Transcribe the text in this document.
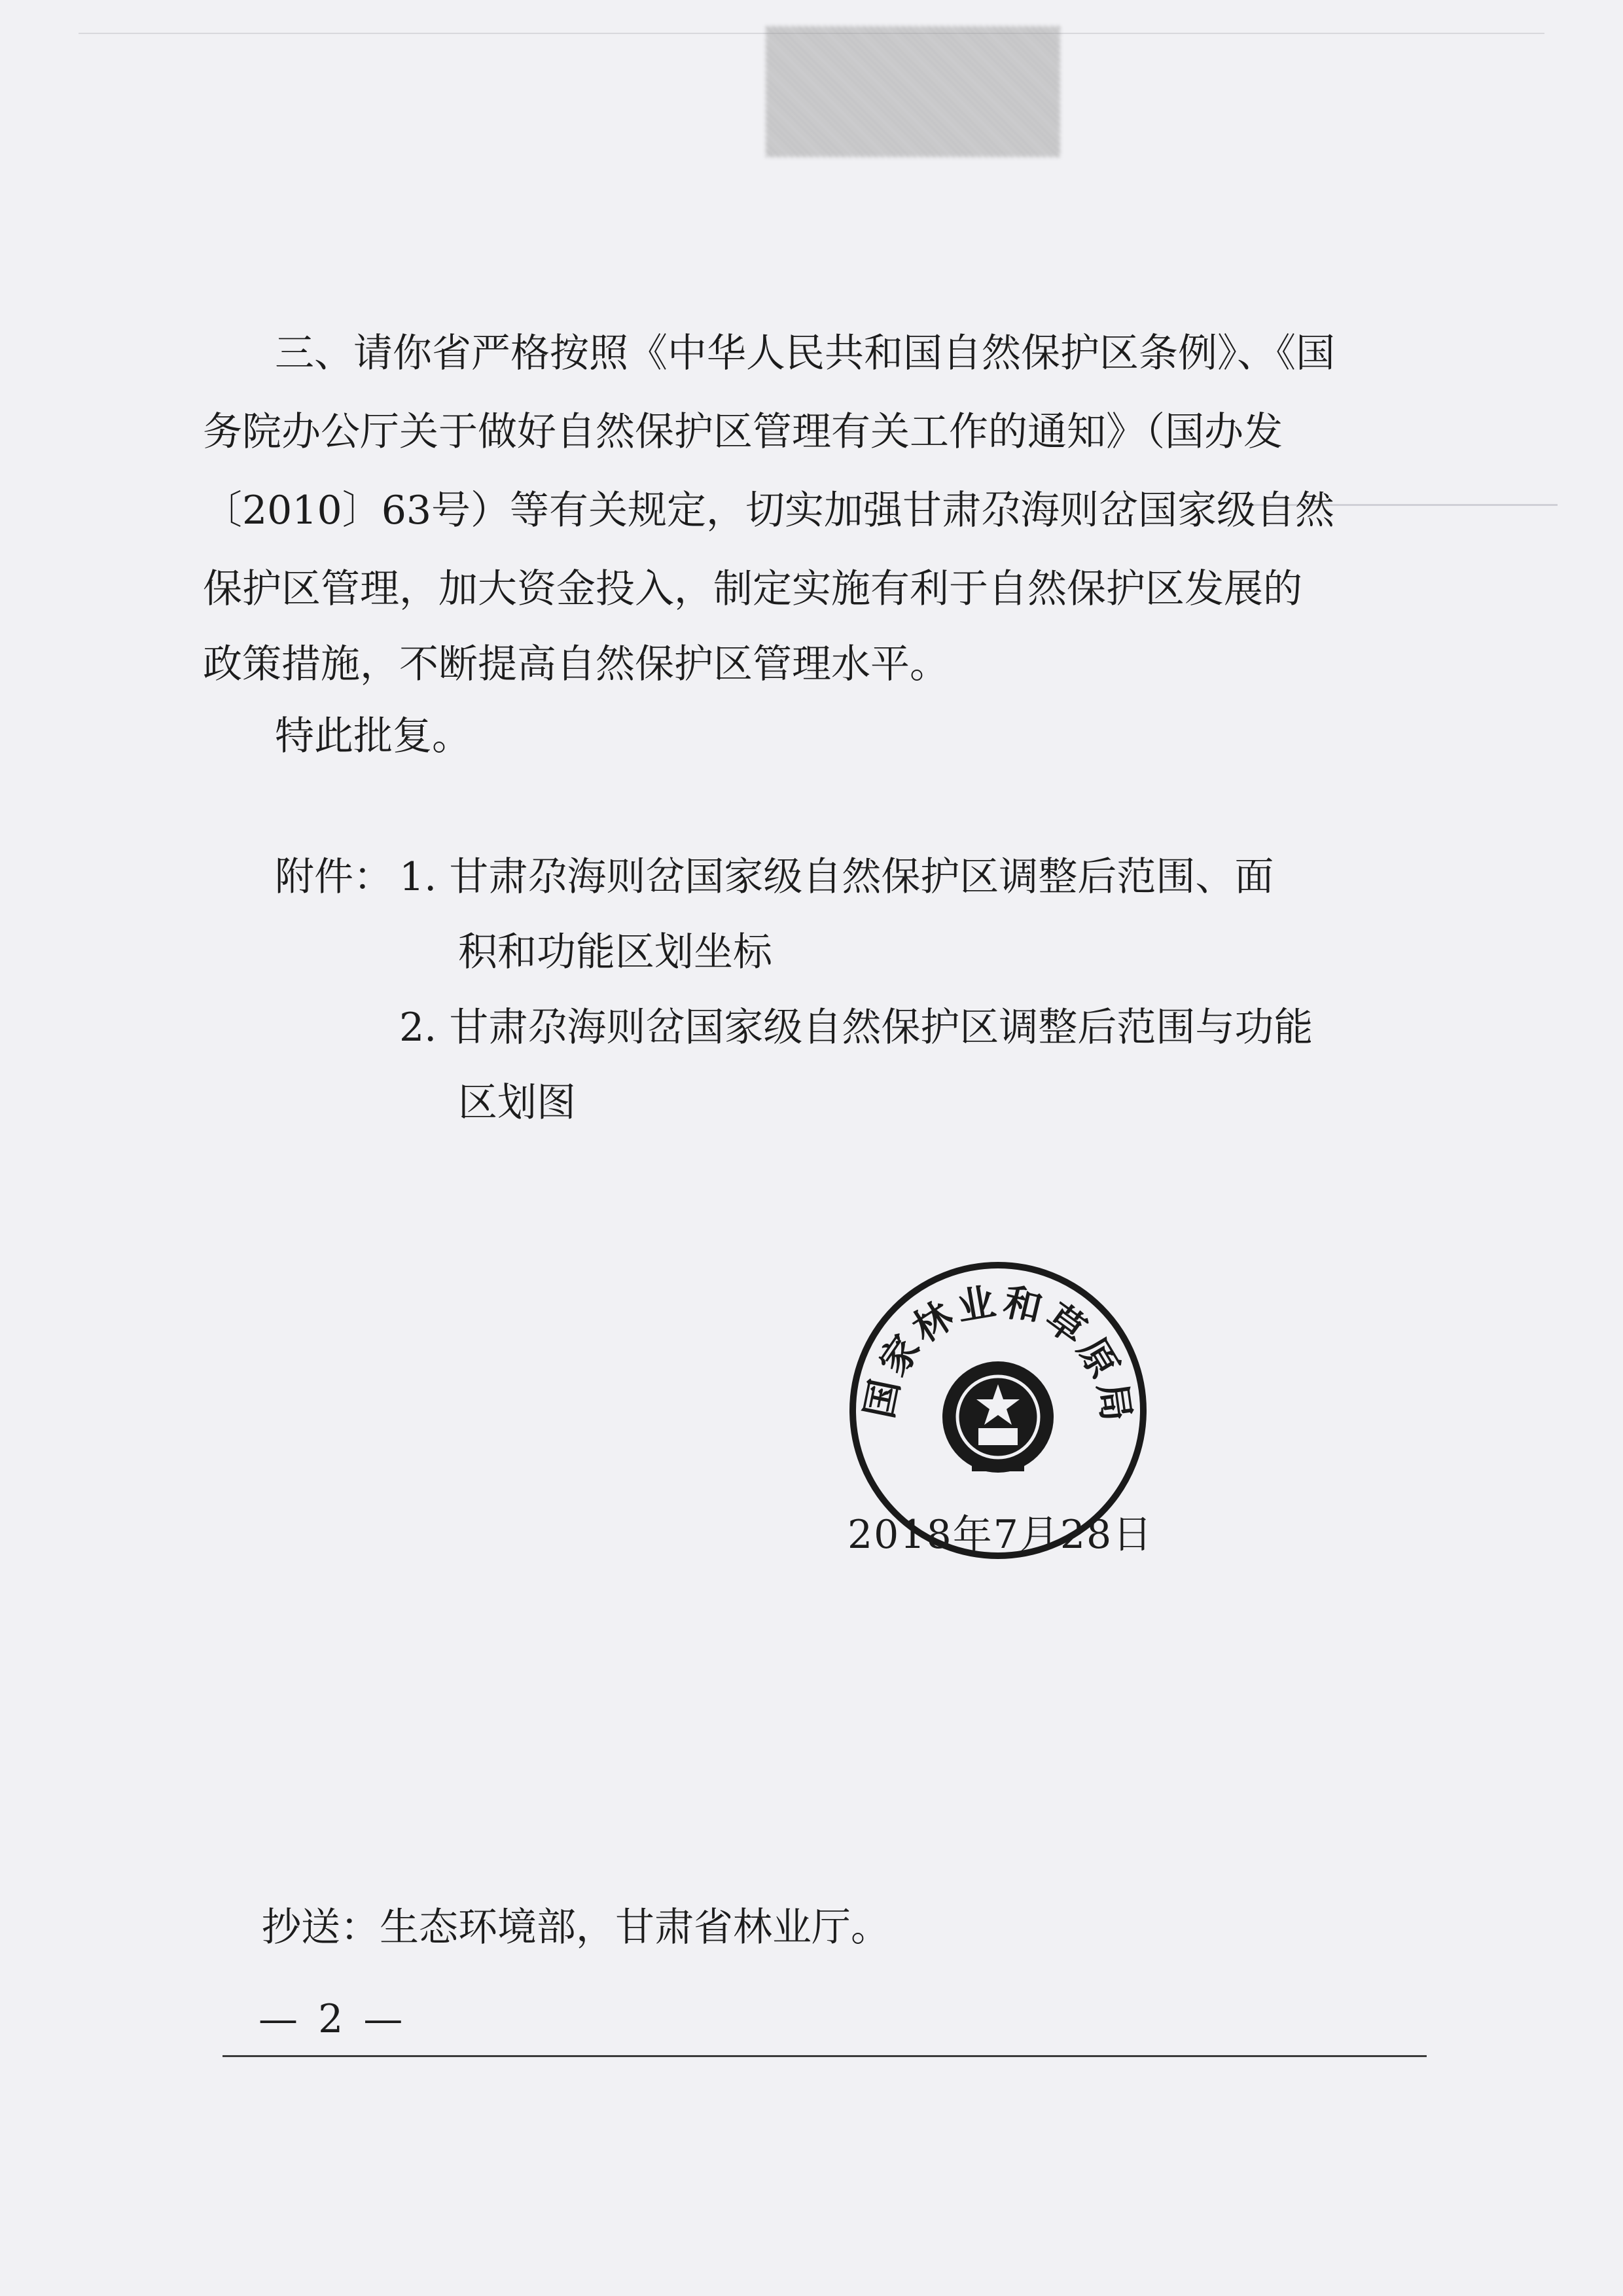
三、请你省严格按照《中华人民共和国自然保护区条例》、《国
务院办公厅关于做好自然保护区管理有关工作的通知》（国办发
〔2010〕63号）等有关规定，切实加强甘肃尕海则岔国家级自然
保护区管理，加大资金投入，制定实施有利于自然保护区发展的
政策措施，不断提高自然保护区管理水平。
特此批复。
附件： 1. 甘肃尕海则岔国家级自然保护区调整后范围、面
积和功能区划坐标
2. 甘肃尕海则岔国家级自然保护区调整后范围与功能
区划图
国家林业和草原局
2018年7月28日
抄送：生态环境部，甘肃省林业厅。
— 2 —
